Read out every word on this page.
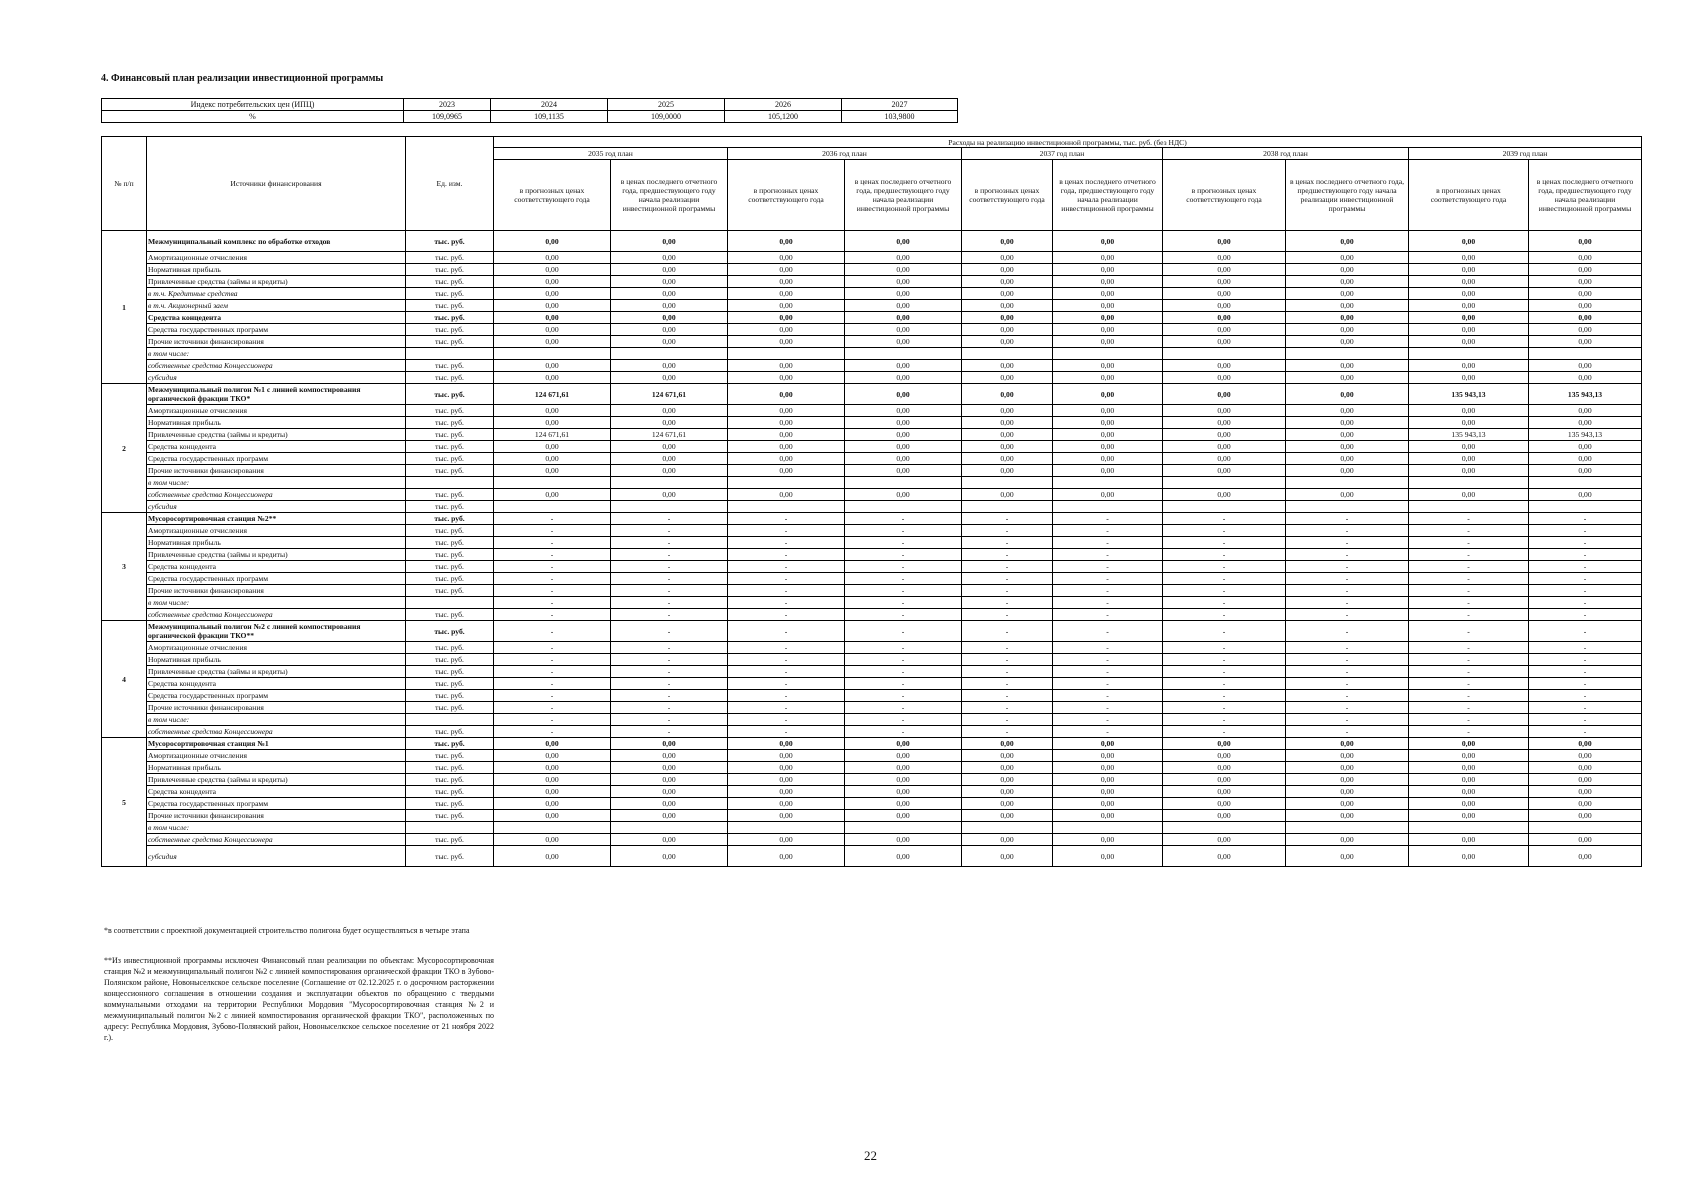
4. Финансовый план реализации инвестиционной программы
Индекс потребительских цен (ИПЦ)	2023	2024	2025	2026	2027
%	109,0965	109,1135	109,0000	105,1200	103,9800
№ п/п	Источники финансирования	Ед. изм.	Расходы на реализацию инвестиционной программы, тыс. руб. (без НДС)									
			2035 год план		2036 год план		2037 год план		2038 год план		2039 год план	
			в прогнозных ценах соответствующего года	в ценах последнего отчетного года, предшествующего году начала реализации инвестиционной программы	в прогнозных ценах соответствующего года	в ценах последнего отчетного года, предшествующего году начала реализации инвестиционной программы	в прогнозных ценах соответствующего года	в ценах последнего отчетного года, предшествующего году начала реализации инвестиционной программы	в прогнозных ценах соответствующего года	в ценах последнего отчетного года, предшествующего году начала реализации инвестиционной программы	в прогнозных ценах соответствующего года	в ценах последнего отчетного года, предшествующего году начала реализации инвестиционной программы
1	Межмуниципальный комплекс по обработке отходов	тыс. руб.	0,00	0,00	0,00	0,00	0,00	0,00	0,00	0,00	0,00	0,00
	Амортизационные отчисления	тыс. руб.	0,00	0,00	0,00	0,00	0,00	0,00	0,00	0,00	0,00	0,00
	Нормативная прибыль	тыс. руб.	0,00	0,00	0,00	0,00	0,00	0,00	0,00	0,00	0,00	0,00
	Привлеченные средства (займы и кредиты)	тыс. руб.	0,00	0,00	0,00	0,00	0,00	0,00	0,00	0,00	0,00	0,00
	в т.ч. Кредитные средства	тыс. руб.	0,00	0,00	0,00	0,00	0,00	0,00	0,00	0,00	0,00	0,00
	в т.ч. Акционерный заем	тыс. руб.	0,00	0,00	0,00	0,00	0,00	0,00	0,00	0,00	0,00	0,00
	Средства концедента	тыс. руб.	0,00	0,00	0,00	0,00	0,00	0,00	0,00	0,00	0,00	0,00
	Средства государственных программ	тыс. руб.	0,00	0,00	0,00	0,00	0,00	0,00	0,00	0,00	0,00	0,00
	Прочие источники финансирования	тыс. руб.	0,00	0,00	0,00	0,00	0,00	0,00	0,00	0,00	0,00	0,00
	в том числе:											
	собственные средства Концессионера	тыс. руб.	0,00	0,00	0,00	0,00	0,00	0,00	0,00	0,00	0,00	0,00
	субсидия	тыс. руб.	0,00	0,00	0,00	0,00	0,00	0,00	0,00	0,00	0,00	0,00
2	Межмуниципальный полигон №1 с линией компостирования органической фракции ТКО*	тыс. руб.	124 671,61	124 671,61	0,00	0,00	0,00	0,00	0,00	0,00	135 943,13	135 943,13
	Амортизационные отчисления	тыс. руб.	0,00	0,00	0,00	0,00	0,00	0,00	0,00	0,00	0,00	0,00
	Нормативная прибыль	тыс. руб.	0,00	0,00	0,00	0,00	0,00	0,00	0,00	0,00	0,00	0,00
	Привлеченные средства (займы и кредиты)	тыс. руб.	124 671,61	124 671,61	0,00	0,00	0,00	0,00	0,00	0,00	135 943,13	135 943,13
	Средства концедента	тыс. руб.	0,00	0,00	0,00	0,00	0,00	0,00	0,00	0,00	0,00	0,00
	Средства государственных программ	тыс. руб.	0,00	0,00	0,00	0,00	0,00	0,00	0,00	0,00	0,00	0,00
	Прочие источники финансирования	тыс. руб.	0,00	0,00	0,00	0,00	0,00	0,00	0,00	0,00	0,00	0,00
	в том числе:											
	собственные средства Концессионера	тыс. руб.	0,00	0,00	0,00	0,00	0,00	0,00	0,00	0,00	0,00	0,00
	субсидия	тыс. руб.										
3	Мусоросортировочная станция №2**	тыс. руб.	-	-	-	-	-	-	-	-	-	-
	Амортизационные отчисления	тыс. руб.	-	-	-	-	-	-	-	-	-	-
	Нормативная прибыль	тыс. руб.	-	-	-	-	-	-	-	-	-	-
	Привлеченные средства (займы и кредиты)	тыс. руб.	-	-	-	-	-	-	-	-	-	-
	Средства концедента	тыс. руб.	-	-	-	-	-	-	-	-	-	-
	Средства государственных программ	тыс. руб.	-	-	-	-	-	-	-	-	-	-
	Прочие источники финансирования	тыс. руб.	-	-	-	-	-	-	-	-	-	-
	в том числе:		-	-	-	-	-	-	-	-	-	-
	собственные средства Концессионера	тыс. руб.	-	-	-	-	-	-	-	-	-	-
4	Межмуниципальный полигон №2 с линией компостирования органической фракции ТКО**	тыс. руб.	-	-	-	-	-	-	-	-	-	-
	Амортизационные отчисления	тыс. руб.	-	-	-	-	-	-	-	-	-	-
	Нормативная прибыль	тыс. руб.	-	-	-	-	-	-	-	-	-	-
	Привлеченные средства (займы и кредиты)	тыс. руб.	-	-	-	-	-	-	-	-	-	-
	Средства концедента	тыс. руб.	-	-	-	-	-	-	-	-	-	-
	Средства государственных программ	тыс. руб.	-	-	-	-	-	-	-	-	-	-
	Прочие источники финансирования	тыс. руб.	-	-	-	-	-	-	-	-	-	-
	в том числе:		-	-	-	-	-	-	-	-	-	-
	собственные средства Концессионера	тыс. руб.	-	-	-	-	-	-	-	-	-	-
5	Мусоросортировочная станция №1	тыс. руб.	0,00	0,00	0,00	0,00	0,00	0,00	0,00	0,00	0,00	0,00
	Амортизационные отчисления	тыс. руб.	0,00	0,00	0,00	0,00	0,00	0,00	0,00	0,00	0,00	0,00
	Нормативная прибыль	тыс. руб.	0,00	0,00	0,00	0,00	0,00	0,00	0,00	0,00	0,00	0,00
	Привлеченные средства (займы и кредиты)	тыс. руб.	0,00	0,00	0,00	0,00	0,00	0,00	0,00	0,00	0,00	0,00
	Средства концедента	тыс. руб.	0,00	0,00	0,00	0,00	0,00	0,00	0,00	0,00	0,00	0,00
	Средства государственных программ	тыс. руб.	0,00	0,00	0,00	0,00	0,00	0,00	0,00	0,00	0,00	0,00
	Прочие источники финансирования	тыс. руб.	0,00	0,00	0,00	0,00	0,00	0,00	0,00	0,00	0,00	0,00
	в том числе:											
	собственные средства Концессионера	тыс. руб.	0,00	0,00	0,00	0,00	0,00	0,00	0,00	0,00	0,00	0,00
	субсидия	тыс. руб.	0,00	0,00	0,00	0,00	0,00	0,00	0,00	0,00	0,00	0,00
*в соответствии с проектной документацией строительство полигона будет осуществляться в четыре этапа
**Из инвестиционной программы исключен Финансовый план реализации по объектам: Мусоросортировочная станция №2 и межмуниципальный полигон №2 с линией компостирования органической фракции ТКО в Зубово-Полянском районе, Новоныселкское сельское поселение (Соглашение от 02.12.2025 г. о досрочном расторжении концессионного соглашения в отношении создания и эксплуатации объектов по обращению с твердыми коммунальными отходами на территории Республики Мордовия "Мусоросортировочная станция №2 и межмуниципальный полигон №2 с линией компостирования органической фракции ТКО", расположенных по адресу: Республика Мордовия, Зубово-Полянский район, Новоныселкское сельское поселение от 21 ноября 2022 г.).
22
